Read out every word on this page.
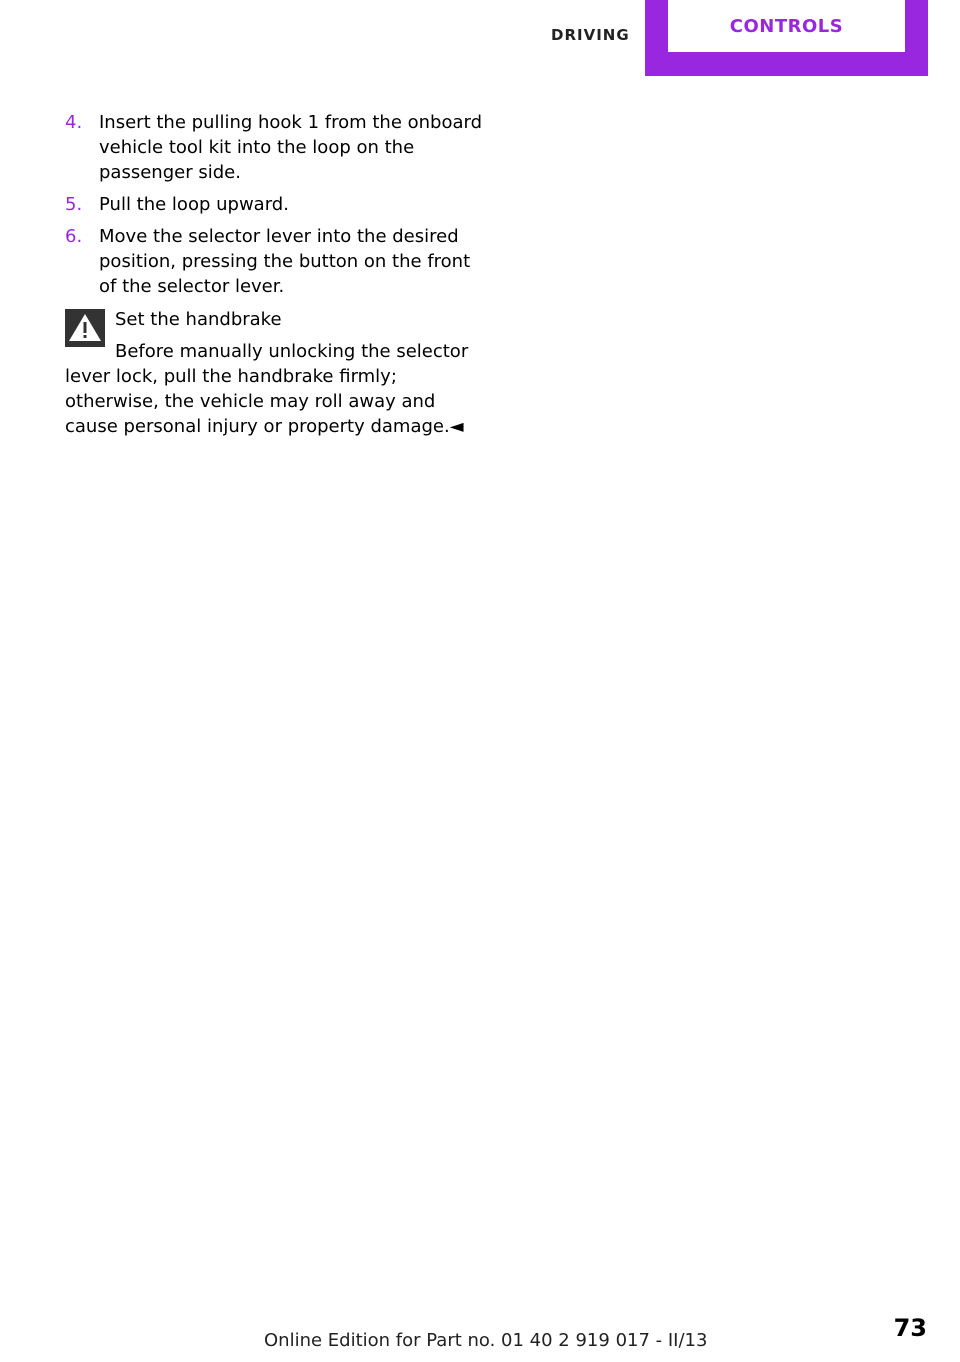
DRIVING	CONTROLS
4. Insert the pulling hook 1 from the onboard vehicle tool kit into the loop on the passenger side.
5. Pull the loop upward.
6. Move the selector lever into the desired position, pressing the button on the front of the selector lever.
Set the handbrake

Before manually unlocking the selector lever lock, pull the handbrake firmly; otherwise, the vehicle may roll away and cause personal injury or property damage.◄

Online Edition for Part no. 01 40 2 919 017 - II/13	73
